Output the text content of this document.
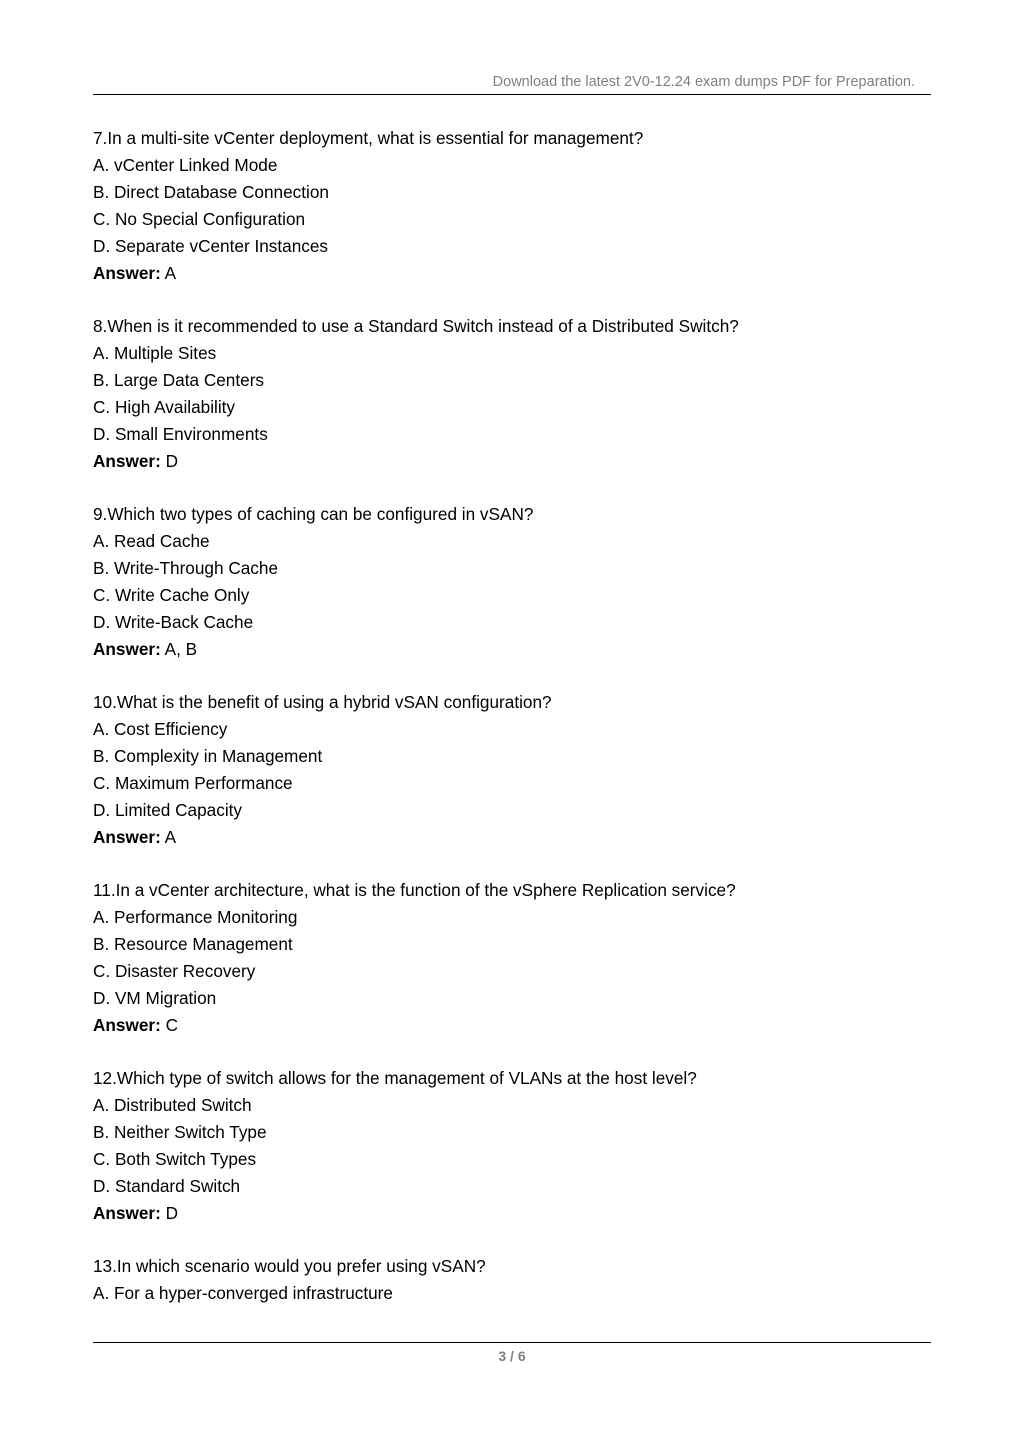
Download the latest 2V0-12.24 exam dumps PDF for Preparation.
7.In a multi-site vCenter deployment, what is essential for management?
A. vCenter Linked Mode
B. Direct Database Connection
C. No Special Configuration
D. Separate vCenter Instances
Answer: A
8.When is it recommended to use a Standard Switch instead of a Distributed Switch?
A. Multiple Sites
B. Large Data Centers
C. High Availability
D. Small Environments
Answer: D
9.Which two types of caching can be configured in vSAN?
A. Read Cache
B. Write-Through Cache
C. Write Cache Only
D. Write-Back Cache
Answer: A, B
10.What is the benefit of using a hybrid vSAN configuration?
A. Cost Efficiency
B. Complexity in Management
C. Maximum Performance
D. Limited Capacity
Answer: A
11.In a vCenter architecture, what is the function of the vSphere Replication service?
A. Performance Monitoring
B. Resource Management
C. Disaster Recovery
D. VM Migration
Answer: C
12.Which type of switch allows for the management of VLANs at the host level?
A. Distributed Switch
B. Neither Switch Type
C. Both Switch Types
D. Standard Switch
Answer: D
13.In which scenario would you prefer using vSAN?
A. For a hyper-converged infrastructure
3 / 6
